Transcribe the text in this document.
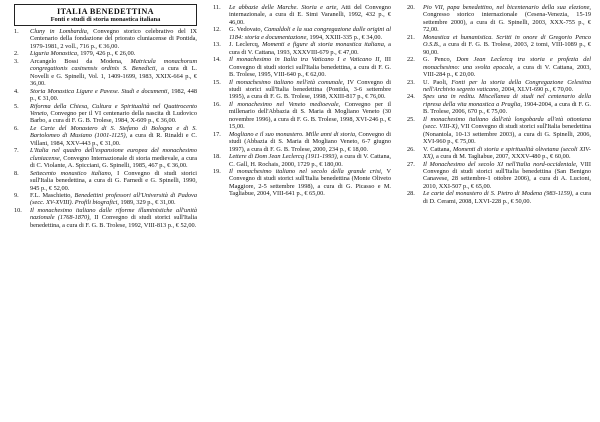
ITALIA BENEDETTINA
Fonti e studi di storia monastica italiana
1.	Cluny in Lombardia, Convegno storico celebrativo del IX Centenario della fondazione del priorato cluniacense di Pontida, 1979-1981, 2 voll., 716 p., € 36,00.
2.	Liguria Monastica, 1979, 426 p., € 26,00.
3.	Arcangelo Bossi da Modena, Matricula monachorum congregationis casinensis ordinis S. Benedicti, a cura di L. Novelli e G. Spinelli, Vol. 1, 1409-1699, 1983, XXIX-664 p., € 36,00.
4.	Storia Monastica Ligure e Pavese. Studi e documenti, 1982, 448 p., € 31,00.
5.	Riforma della Chiesa, Cultura e Spiritualità nel Quattrocento Veneto, Convegno per il VI centenario della nascita di Ludovico Barbo, a cura di F. G. B. Trolese, 1984, X-609 p., € 36,00.
6.	Le Carte del Monastero di S. Stefano di Bologna e di S. Bartolomeo di Musiano (1001-1125), a cura di R. Rinaldi e C. Villani, 1984, XXV-443 p., € 31,00.
7.	L'Italia nel quadro dell'espansione europea del monachesimo cluniacense, Convegno Internazionale di storia medievale, a cura di C. Violante, A. Spicciani, G. Spinelli, 1985, 467 p., € 36,00.
8.	Settecento monastico italiano, I Convegno di studi storici sull'Italia benedettina, a cura di G. Farnedi e G. Spinelli, 1990, 945 p., € 52,00.
9.	F.L. Maschietto, Benedettini professori all'Università di Padova (secc. XV-XVIII). Profili biografici, 1989, 329 p., € 31,00.
10.	Il monachesimo italiano dalle riforme illuministiche all'unità nazionale (1768-1870), II Convegno di studi storici sull'Italia benedettina, a cura di F. G. B. Trolese, 1992, VIII-813 p., € 52,00.
11.	Le abbazie delle Marche. Storia e arte, Atti del Convegno internazionale, a cura di E. Simi Varanelli, 1992, 432 p., € 46,00.
12.	G. Vedovato, Camaldoli e la sua congregazione dalle origini al 1184: storia e documentazione, 1994, XXIII-335 p., € 34,00.
13.	J. Leclercq, Momenti e figure di storia monastica italiana, a cura di V. Cattana, 1993, XXXVIII-679 p., € 47,00.
14.	Il monachesimo in Italia tra Vaticano I e Vaticano II, III Convegno di studi storici sull'Italia benedettina, a cura di F. G. B. Trolese, 1995, VIII-640 p., € 62,00.
15.	Il monachesimo italiano nell'età comunale, IV Convegno di studi storici sull'Italia benedettina (Pontida, 3-6 settembre 1995), a cura di F. G. B. Trolese, 1998, XXIII-817 p., € 76,00.
16.	Il monachesimo nel Veneto medioevale, Convegno per il millenario dell'Abbazia di S. Maria di Mogliano Veneto (30 novembre 1996), a cura di F. G. B. Trolese, 1998, XVI-246 p., € 15,00.
17.	Mogliano e il suo monastero. Mille anni di storia, Convegno di studi (Abbazia di S. Maria di Mogliano Veneto, 6-7 giugno 1997), a cura di F. G. B. Trolese, 2000, 234 p., € 18,00.
18.	Lettere di Dom Jean Leclercq (1911-1993), a cura di V. Cattana, C. Gall, H. Rochais, 2000, 1729 p., € 180,00.
19.	Il monachesimo italiano nel secolo della grande crisi, V Convegno di studi storici sull'Italia benedettina (Monte Oliveto Maggiore, 2-5 settembre 1998), a cura di G. Picasso e M. Tagliabue, 2004, VIII-641 p., € 65,00.
20.	Pio VII, papa benedettino, nel bicentenario della sua elezione, Congresso storico internazionale (Cesena-Venezia, 15-19 settembre 2000), a cura di G. Spinelli, 2003, XXX-755 p., € 72,00.
21.	Monastica et humanistica. Scritti in onore di Gregorio Penco O.S.B., a cura di F. G. B. Trolese, 2003, 2 tomi, VIII-1089 p., € 90,00.
22.	G. Penco, Dom Jean Leclercq tra storia e profezia del monachesimo: una svolta epocale, a cura di V. Cattana, 2003, VIII-284 p., € 20,00.
23.	U. Paoli, Fonti per la storia della Congregazione Celestina nell'Archivio segreto vaticano, 2004, XLVI-690 p., € 70,00.
24.	Spes una in reditu. Miscellanea di studi nel centenario della ripresa della vita monastica a Praglia, 1904-2004, a cura di F. G. B. Trolese, 2006, 670 p., € 75,00.
25.	Il monachesimo italiano dall'età longobarda all'età ottoniana (secc. VIII-X), VII Convegno di studi storici sull'Italia benedettina (Nonantola, 10-13 settembre 2003), a cura di G. Spinelli, 2006, XVI-960 p., € 75,00.
26.	V. Cattana, Momenti di storia e spiritualità olivetana (secoli XIV-XX), a cura di M. Tagliabue, 2007, XXXV-480 p., € 60,00.
27.	Il Monachesimo del secolo XI nell'Italia nord-occidentale, VIII Convegno di studi storici sull'Italia benedettina (San Benigno Canavese, 28 settembre-1 ottobre 2006), a cura di A. Lucioni, 2010, XXI-507 p., € 65,00.
28.	Le carte del monastero di S. Pietro di Modena (983-1159), a cura di D. Cerami, 2008, LXVI-228 p., € 50,00.
